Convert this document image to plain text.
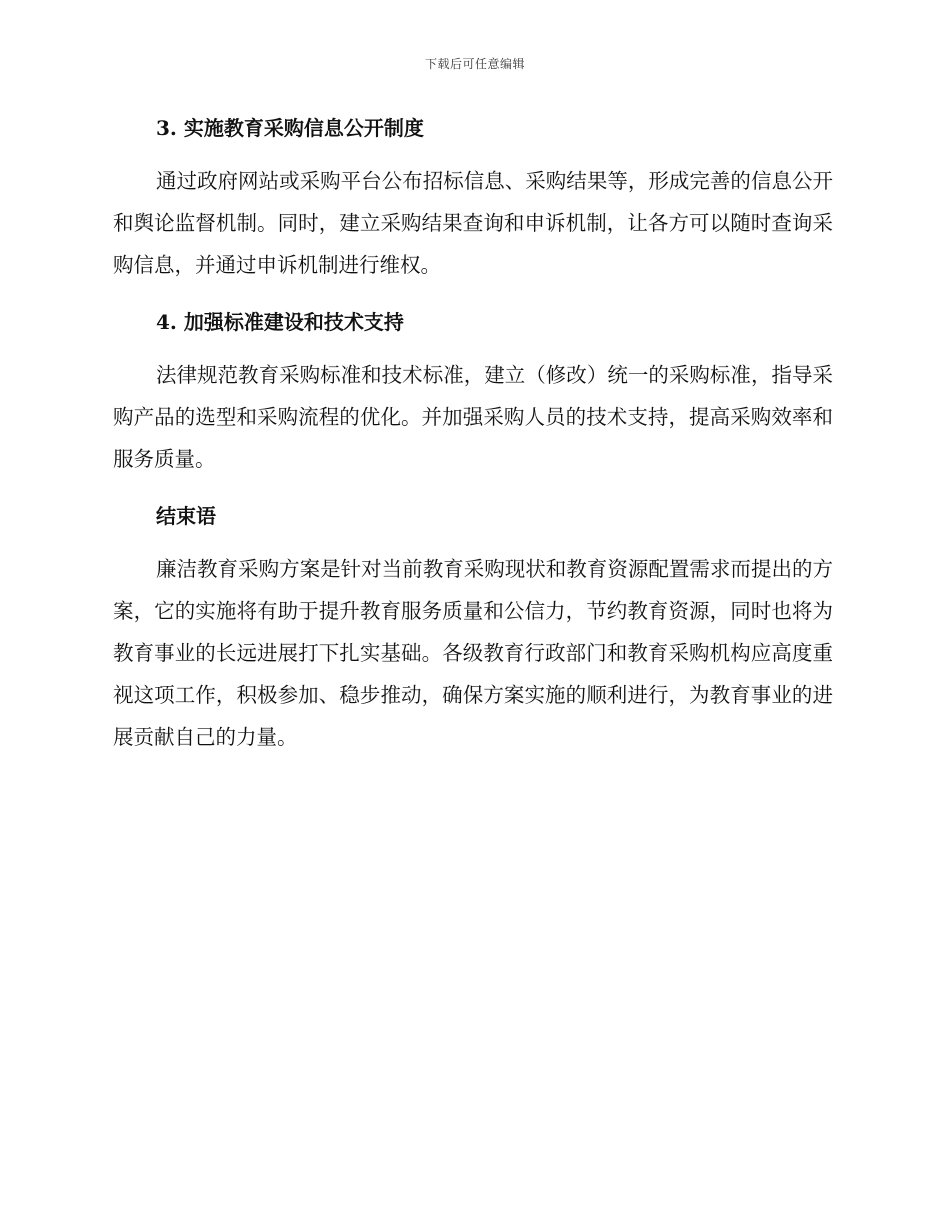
下载后可任意编辑
3. 实施教育采购信息公开制度

通过政府网站或采购平台公布招标信息、采购结果等，形成完善的信息公开和舆论监督机制。同时，建立采购结果查询和申诉机制，让各方可以随时查询采购信息，并通过申诉机制进行维权。

4. 加强标准建设和技术支持

法律规范教育采购标准和技术标准，建立（修改）统一的采购标准，指导采购产品的选型和采购流程的优化。并加强采购人员的技术支持，提高采购效率和服务质量。

结束语

廉洁教育采购方案是针对当前教育采购现状和教育资源配置需求而提出的方案，它的实施将有助于提升教育服务质量和公信力，节约教育资源，同时也将为教育事业的长远进展打下扎实基础。各级教育行政部门和教育采购机构应高度重视这项工作，积极参加、稳步推动，确保方案实施的顺利进行，为教育事业的进展贡献自己的力量。
